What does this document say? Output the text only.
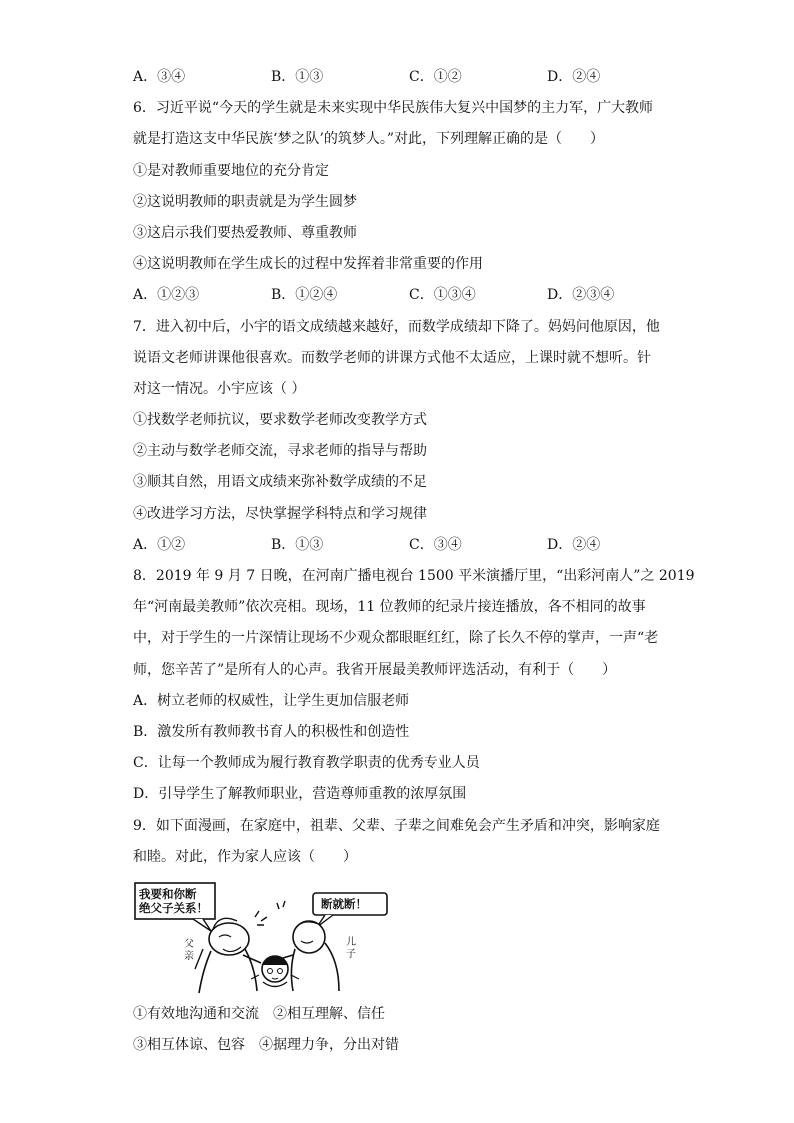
A．③④	B．①③	C．①②	D．②④
6．习近平说“今天的学生就是未来实现中华民族伟大复兴中国梦的主力军，广大教师
就是打造这支中华民族‘梦之队’的筑梦人。”对此，下列理解正确的是（　　）
①是对教师重要地位的充分肯定
②这说明教师的职责就是为学生圆梦
③这启示我们要热爱教师、尊重教师
④这说明教师在学生成长的过程中发挥着非常重要的作用
A．①②③	B．①②④	C．①③④	D．②③④
7．进入初中后，小宇的语文成绩越来越好，而数学成绩却下降了。妈妈问他原因，他
说语文老师讲课他很喜欢。而数学老师的讲课方式他不太适应，上课时就不想听。针
对这一情况。小宇应该（ ）
①找数学老师抗议，要求数学老师改变教学方式
②主动与数学老师交流，寻求老师的指导与帮助
③顺其自然，用语文成绩来弥补数学成绩的不足
④改进学习方法，尽快掌握学科特点和学习规律
A．①②	B．①③	C．③④	D．②④
8．2019 年 9 月 7 日晚，在河南广播电视台 1500 平米演播厅里，“出彩河南人”之 2019
年“河南最美教师”依次亮相。现场，11 位教师的纪录片接连播放，各不相同的故事
中，对于学生的一片深情让现场不少观众都眼眶红红，除了长久不停的掌声，一声“老
师，您辛苦了”是所有人的心声。我省开展最美教师评选活动，有利于（　　）
A．树立老师的权威性，让学生更加信服老师
B．激发所有教师教书育人的积极性和创造性
C．让每一个教师成为履行教育教学职责的优秀专业人员
D．引导学生了解教师职业，营造尊师重教的浓厚氛围
9．如下面漫画，在家庭中，祖辈、父辈、子辈之间难免会产生矛盾和冲突，影响家庭
和睦。对此，作为家人应该（　　）
我要和你断
绝父子关系！	断就断！
父亲
儿子
①有效地沟通和交流　②相互理解、信任
③相互体谅、包容　④据理力争，分出对错
